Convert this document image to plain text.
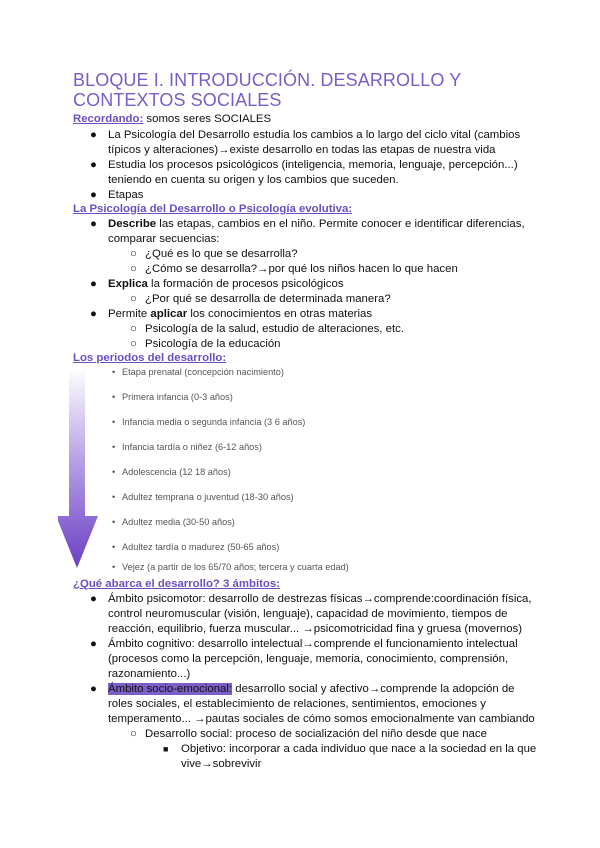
BLOQUE I. INTRODUCCIÓN. DESARROLLO Y CONTEXTOS SOCIALES
Recordando: somos seres SOCIALES
● La Psicología del Desarrollo estudia los cambios a lo largo del ciclo vital (cambios
típicos y alteraciones)→existe desarrollo en todas las etapas de nuestra vida
● Estudia los procesos psicológicos (inteligencia, memoria, lenguaje, percepción...)
teniendo en cuenta su origen y los cambios que suceden.
● Etapas
La Psicología del Desarrollo o Psicología evolutiva:
● Describe las etapas, cambios en el niño. Permite conocer e identificar diferencias,
comparar secuencias:
○ ¿Qué es lo que se desarrolla?
○ ¿Cómo se desarrolla?→por qué los niños hacen lo que hacen
● Explica la formación de procesos psicológicos
○ ¿Por qué se desarrolla de determinada manera?
● Permite aplicar los conocimientos en otras materias
○ Psicología de la salud, estudio de alteraciones, etc.
○ Psicología de la educación
Los periodos del desarrollo:
• Etapa prenatal (concepción nacimiento)
• Primera infancia (0-3 años)
• Infancia media o segunda infancia (3 6 años)
• Infancia tardía o niñez (6-12 años)
• Adolescencia (12 18 años)
• Adultez temprana o juventud (18-30 años)
• Adultez media (30-50 años)
• Adultez tardía o madurez (50-65 años)
• Vejez (a partir de los 65/70 años; tercera y cuarta edad)
¿Qué abarca el desarrollo? 3 ámbitos:
● Ámbito psicomotor: desarrollo de destrezas físicas→comprende:coordinación física,
control neuromuscular (visión, lenguaje), capacidad de movimiento, tiempos de
reacción, equilibrio, fuerza muscular... →psicomotricidad fina y gruesa (movernos)
● Ámbito cognitivo: desarrollo intelectual→comprende el funcionamiento intelectual
(procesos como la percepción, lenguaje, memoria, conocimiento, comprensión,
razonamiento...)
● Ámbito socio-emocional: desarrollo social y afectivo→comprende la adopción de
roles sociales, el establecimiento de relaciones, sentimientos, emociones y
temperamento... →pautas sociales de cómo somos emocionalmente van cambiando
○ Desarrollo social: proceso de socialización del niño desde que nace
■ Objetivo: incorporar a cada individuo que nace a la sociedad en la que
vive→sobrevivir
